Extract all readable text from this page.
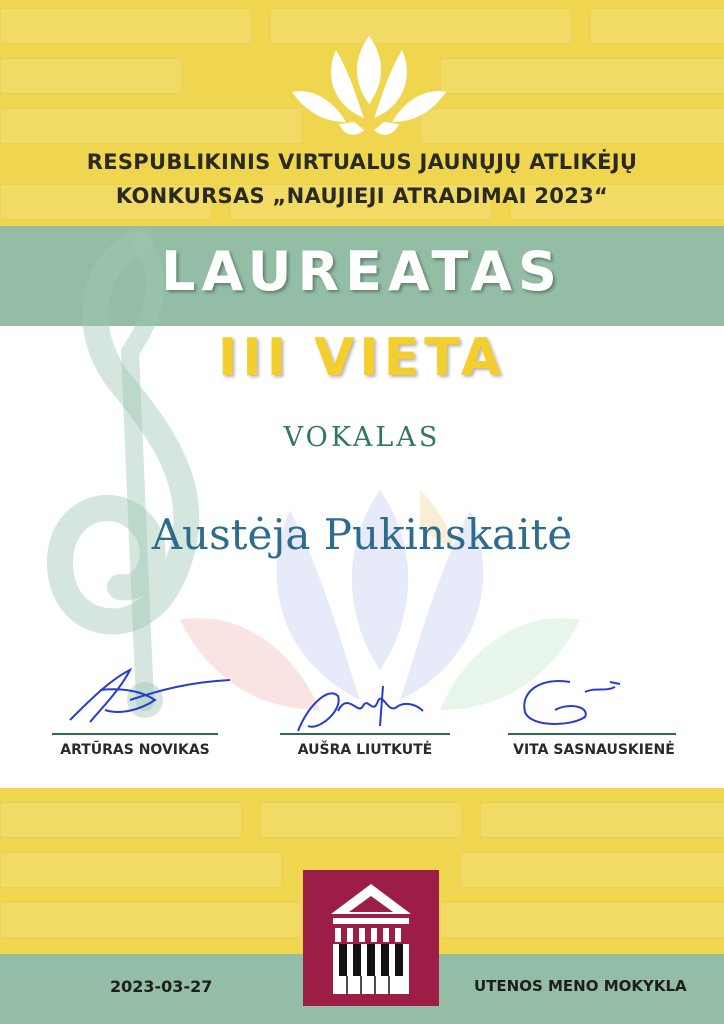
RESPUBLIKINIS VIRTUALUS JAUNŲJŲ ATLIKĖJŲ
KONKURSAS „NAUJIEJI ATRADIMAI 2023“
LAUREATAS
III VIETA
VOKALAS
Austėja Pukinskaitė
ARTŪRAS NOVIKAS	AUŠRA LIUTKUTĖ	VITA SASNAUSKIENĖ
2023-03-27	UTENOS MENO MOKYKLA
